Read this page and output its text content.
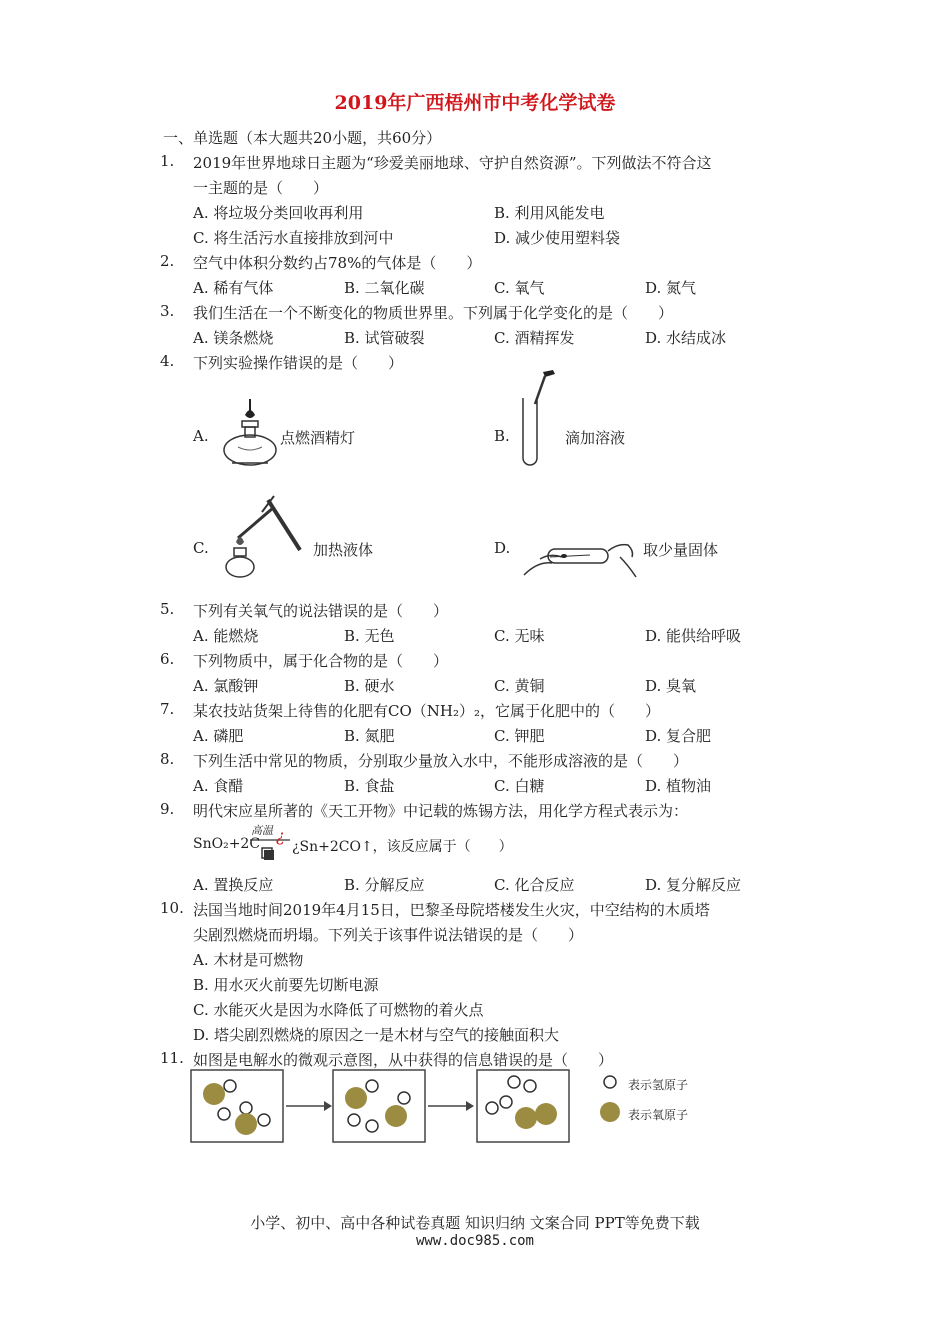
2019年广西梧州市中考化学试卷
一、单选题（本大题共20小题，共60分）
1.	2019年世界地球日主题为“珍爱美丽地球、守护自然资源”。下列做法不符合这
一主题的是（　　）
A. 将垃圾分类回收再利用	B. 利用风能发电
C. 将生活污水直接排放到河中	D. 减少使用塑料袋
2.	空气中体积分数约占78%的气体是（　　）
A. 稀有气体	B. 二氧化碳	C. 氧气	D. 氮气
3.	我们生活在一个不断变化的物质世界里。下列属于化学变化的是（　　）
A. 镁条燃烧	B. 试管破裂	C. 酒精挥发	D. 水结成冰
4.	下列实验操作错误的是（　　）
A.	点燃酒精灯	B.	滴加溶液
C.	加热液体	D.	取少量固体
5.	下列有关氧气的说法错误的是（　　）
A. 能燃烧	B. 无色	C. 无味	D. 能供给呼吸
6.	下列物质中，属于化合物的是（　　）
A. 氯酸钾	B. 硬水	C. 黄铜	D. 臭氧
7.	某农技站货架上待售的化肥有CO（NH₂）₂，它属于化肥中的（　　）
A. 磷肥	B. 氮肥	C. 钾肥	D. 复合肥
8.	下列生活中常见的物质，分别取少量放入水中，不能形成溶液的是（　　）
A. 食醋	B. 食盐	C. 白糖	D. 植物油
9.	明代宋应星所著的《天工开物》中记载的炼锡方法，用化学方程式表示为：
SnO₂+2C
高温 ¿
¿Sn+2CO↑，该反应属于（　　）
A. 置换反应	B. 分解反应	C. 化合反应	D. 复分解反应
10. 法国当地时间2019年4月15日，巴黎圣母院塔楼发生火灾，中空结构的木质塔
尖剧烈燃烧而坍塌。下列关于该事件说法错误的是（　　）
A. 木材是可燃物
B. 用水灭火前要先切断电源
C. 水能灭火是因为水降低了可燃物的着火点
D. 塔尖剧烈燃烧的原因之一是木材与空气的接触面积大
11. 如图是电解水的微观示意图，从中获得的信息错误的是（　　）
表示氢原子
表示氧原子
小学、初中、高中各种试卷真题 知识归纳 文案合同 PPT等免费下载
www.doc985.com
